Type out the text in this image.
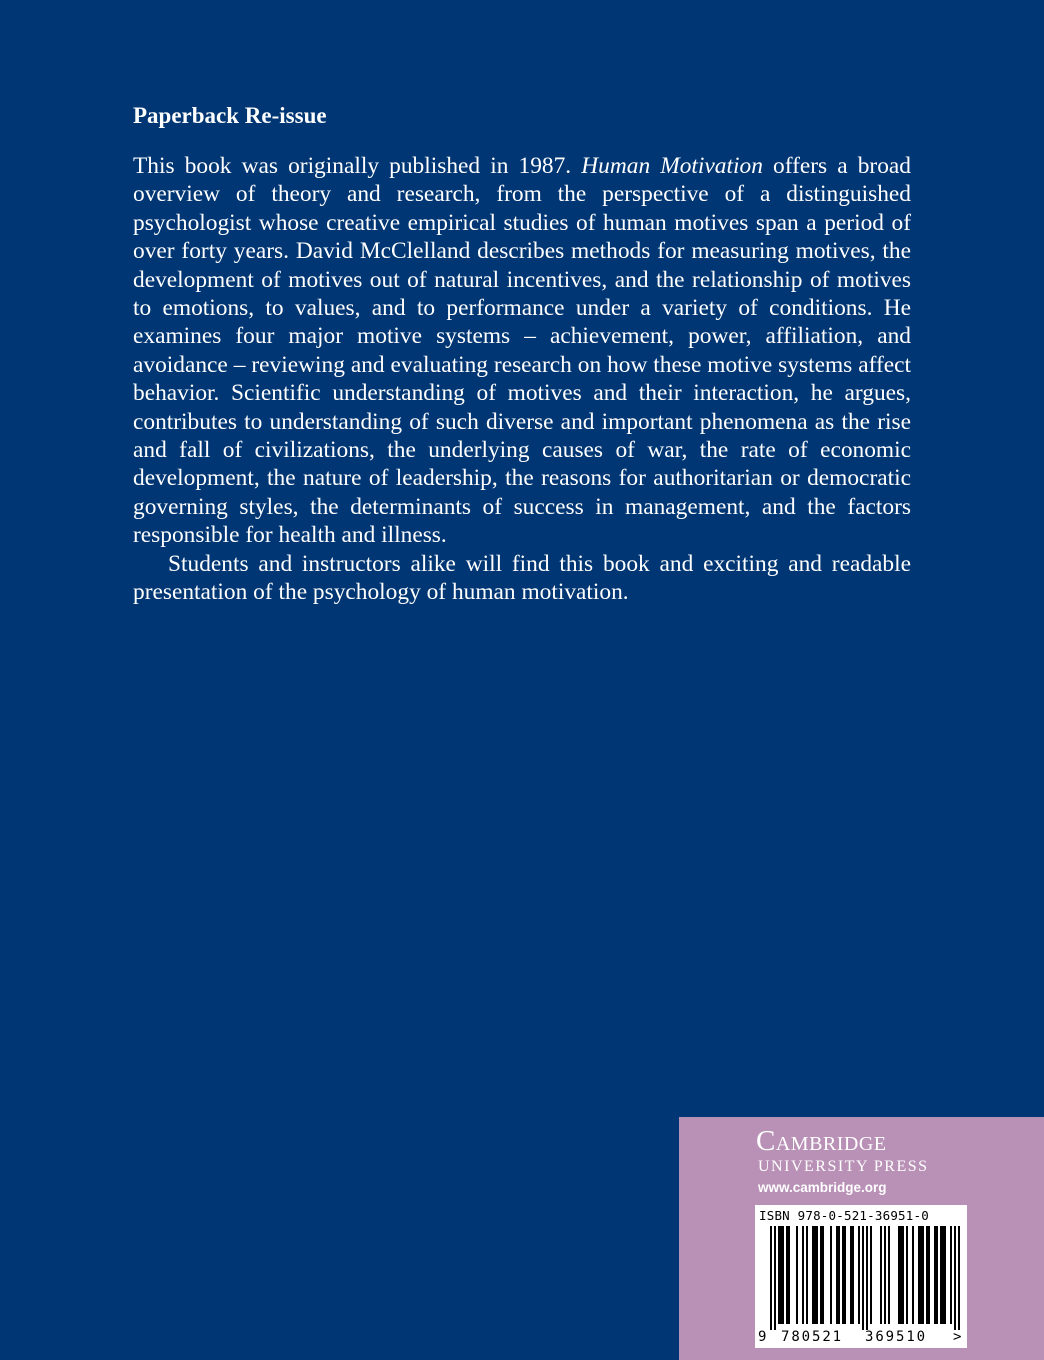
Paperback Re-issue

This book was originally published in 1987. Human Motivation offers a broad overview of theory and research, from the perspective of a distinguished psychologist whose creative empirical studies of human motives span a period of over forty years. David McClelland describes methods for measuring motives, the development of motives out of natural incentives, and the relationship of motives to emotions, to values, and to performance under a variety of conditions. He examines four major motive systems – achievement, power, affiliation, and avoidance – reviewing and evaluating research on how these motive systems affect behavior. Scientific understanding of motives and their interaction, he argues, contributes to understanding of such diverse and important phenomena as the rise and fall of civilizations, the underlying causes of war, the rate of economic development, the nature of leadership, the reasons for authoritarian or democratic governing styles, the determinants of success in management, and the factors responsible for health and illness.

Students and instructors alike will find this book and exciting and readable presentation of the psychology of human motivation.

Cambridge
UNIVERSITY PRESS
www.cambridge.org
ISBN 978-0-521-36951-0
9 780521 369510 >
